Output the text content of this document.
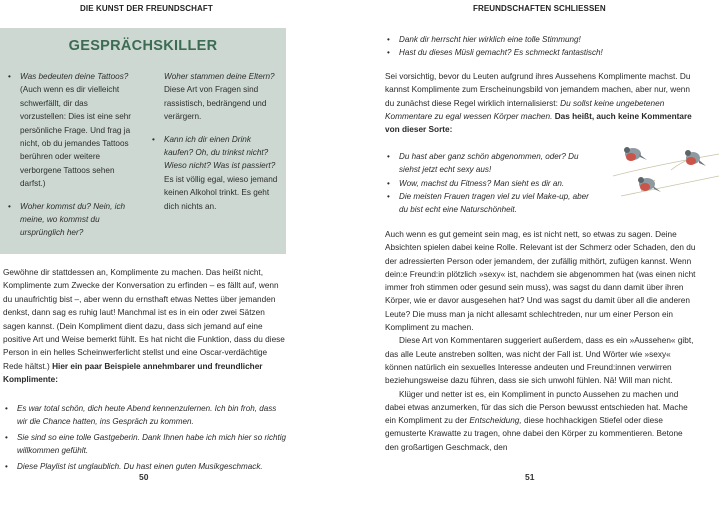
DIE KUNST DER FREUNDSCHAFT
GESPRÄCHSKILLER
• Was bedeuten deine Tattoos?
(Auch wenn es dir vielleicht schwerfällt, dir das vorzustellen: Dies ist eine sehr persönliche Frage. Und frag ja nicht, ob du jemandes Tattoos berühren oder weitere verborgene Tattoos sehen darfst.)
• Woher kommst du? Nein, ich meine, wo kommst du ursprünglich her?
Woher stammen deine Eltern?
Diese Art von Fragen sind rassistisch, bedrängend und verärgern.
• Kann ich dir einen Drink kaufen? Oh, du trinkst nicht? Wieso nicht? Was ist passiert?
Es ist völlig egal, wieso jemand keinen Alkohol trinkt. Es geht dich nichts an.
Gewöhne dir stattdessen an, Komplimente zu machen. Das heißt nicht, Komplimente zum Zwecke der Konversation zu erfinden – es fällt auf, wenn du unaufrichtig bist –, aber wenn du ernsthaft etwas Nettes über jemanden denkst, dann sag es ruhig laut! Manchmal ist es in ein oder zwei Sätzen sagen kannst. (Dein Kompliment dient dazu, dass sich jemand auf eine positive Art und Weise bemerkt fühlt. Es hat nicht die Funktion, dass du diese Person in ein helles Scheinwerferlicht stellst und eine Oscar-verdächtige Rede hältst.) Hier ein paar Beispiele annehmbarer und freundlicher Komplimente:
• Es war total schön, dich heute Abend kennenzulernen. Ich bin froh, dass wir die Chance hatten, ins Gespräch zu kommen.
• Sie sind so eine tolle Gastgeberin. Dank Ihnen habe ich mich hier so richtig willkommen gefühlt.
• Diese Playlist ist unglaublich. Du hast einen guten Musikgeschmack.
50
FREUNDSCHAFTEN SCHLIESSEN
• Dank dir herrscht hier wirklich eine tolle Stimmung!
• Hast du dieses Müsli gemacht? Es schmeckt fantastisch!

Sei vorsichtig, bevor du Leuten aufgrund ihres Aussehens Komplimente machst. Du kannst Komplimente zum Erscheinungsbild von jemandem machen, aber nur, wenn du zunächst diese Regel wirklich internalisierst: Du sollst keine ungebetenen Kommentare zu egal wessen Körper machen. Das heißt, auch keine Kommentare von dieser Sorte:

• Du hast aber ganz schön abgenommen, oder? Du siehst jetzt echt sexy aus!
• Wow, machst du Fitness? Man sieht es dir an.
• Die meisten Frauen tragen viel zu viel Make-up, aber du bist echt eine Naturschönheit.

Auch wenn es gut gemeint sein mag, es ist nicht nett, so etwas zu sagen. Deine Absichten spielen dabei keine Rolle. Relevant ist der Schmerz oder Schaden, den du der adressierten Person oder jemandem, der zufällig mithört, zufügen kannst. Wenn dein:e Freund:in plötzlich »sexy« ist, nachdem sie abgenommen hat (was einen nicht immer froh stimmen oder gesund sein muss), was sagst du dann damit über ihren Körper, wie er davor ausgesehen hat? Und was sagst du damit über all die anderen Leute? Die muss man ja nicht allesamt schlechtreden, nur um einer Person ein Kompliment zu machen.

Diese Art von Kommentaren suggeriert außerdem, dass es ein »Aussehen« gibt, das alle Leute anstreben sollten, was nicht der Fall ist. Und Wörter wie »sexy« können natürlich ein sexuelles Interesse andeuten und Freund:innen verwirren beziehungsweise dazu führen, dass sie sich unwohl fühlen. Nä! Will man nicht.

Klüger und netter ist es, ein Kompliment in puncto Aussehen zu machen und dabei etwas anzumerken, für das sich die Person bewusst entschieden hat. Mache ein Kompliment zu der Entscheidung, diese hochhackigen Stiefel oder diese gemusterte Krawatte zu tragen, ohne dabei den Körper zu kommentieren. Betone den großartigen Geschmack, den

51
